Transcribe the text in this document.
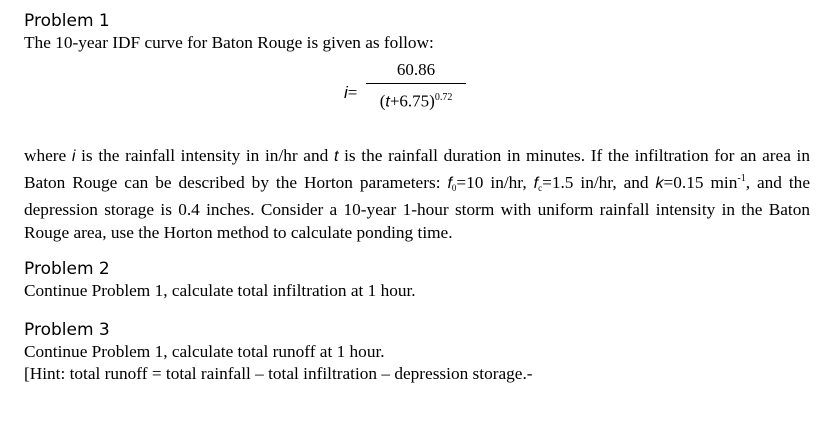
Problem 1

The 10-year IDF curve for Baton Rouge is given as follow:

i=
60.86
$(t+6.75)^{0.72}$

where i is the rainfall intensity in in/hr and t is the rainfall duration in minutes. If the infiltration for an area in Baton Rouge can be described by the Horton parameters: $f_0=10$ in/hr, $f_c=1.5$ in/hr, and k=0.15 $\min^{-1}$, and the depression storage is 0.4 inches. Consider a 10-year 1-hour storm with uniform rainfall intensity in the Baton Rouge area, use the Horton method to calculate ponding time.

Problem 2

Continue Problem 1, calculate total infiltration at 1 hour.

Problem 3

Continue Problem 1, calculate total runoff at 1 hour.

[Hint: total runoff = total rainfall – total infiltration – depression storage.-
